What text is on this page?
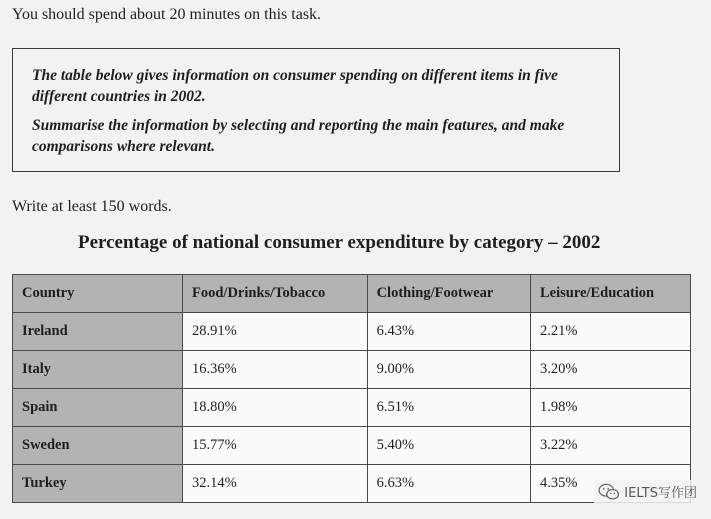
You should spend about 20 minutes on this task.

The table below gives information on consumer spending on different items in five different countries in 2002.

Summarise the information by selecting and reporting the main features, and make comparisons where relevant.

Write at least 150 words.
Percentage of national consumer expenditure by category – 2002
Country	Food/Drinks/Tobacco	Clothing/Footwear	Leisure/Education
Ireland	28.91%	6.43%	2.21%
Italy	16.36%	9.00%	3.20%
Spain	18.80%	6.51%	1.98%
Sweden	15.77%	5.40%	3.22%
Turkey	32.14%	6.63%	4.35%
IELTS写作团
